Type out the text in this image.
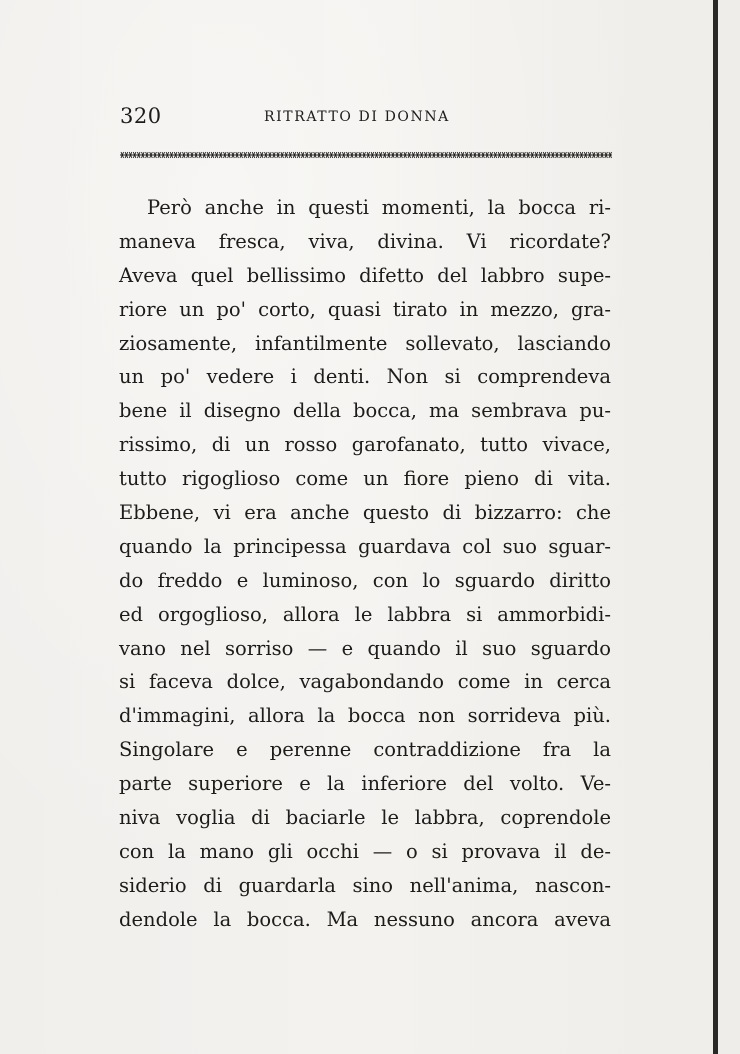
320	RITRATTO DI DONNA
Però anche in questi momenti, la bocca ri-
maneva fresca, viva, divina. Vi ricordate?
Aveva quel bellissimo difetto del labbro supe-
riore un po' corto, quasi tirato in mezzo, gra-
ziosamente, infantilmente sollevato, lasciando
un po' vedere i denti. Non si comprendeva
bene il disegno della bocca, ma sembrava pu-
rissimo, di un rosso garofanato, tutto vivace,
tutto rigoglioso come un fiore pieno di vita.
Ebbene, vi era anche questo di bizzarro: che
quando la principessa guardava col suo sguar-
do freddo e luminoso, con lo sguardo diritto
ed orgoglioso, allora le labbra si ammorbidi-
vano nel sorriso — e quando il suo sguardo
si faceva dolce, vagabondando come in cerca
d'immagini, allora la bocca non sorrideva più.
Singolare e perenne contraddizione fra la
parte superiore e la inferiore del volto. Ve-
niva voglia di baciarle le labbra, coprendole
con la mano gli occhi — o si provava il de-
siderio di guardarla sino nell'anima, nascon-
dendole la bocca. Ma nessuno ancora aveva
